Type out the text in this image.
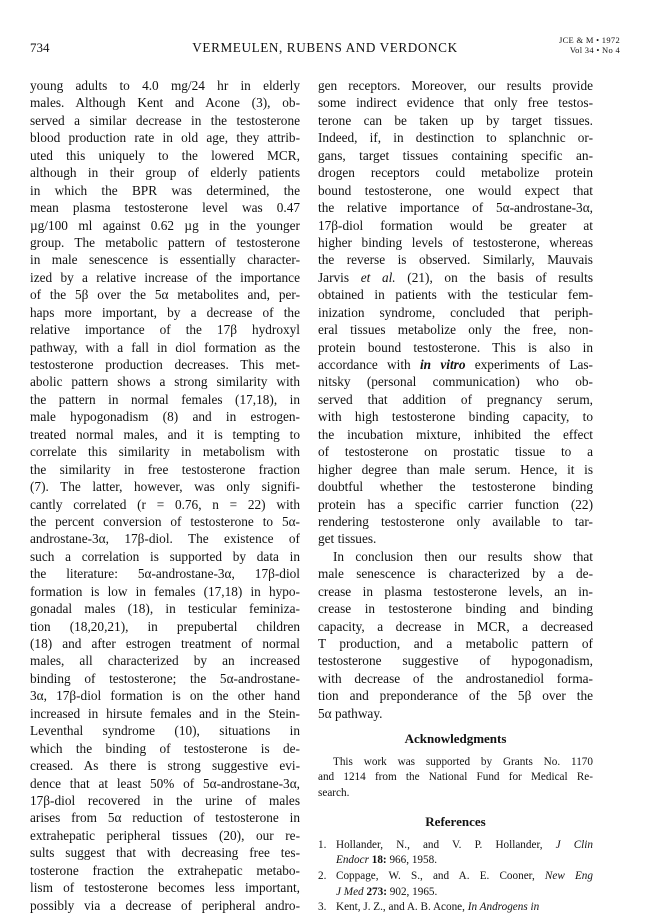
734	VERMEULEN, RUBENS AND VERDONCK	JCE & M • 1972
Vol 34 • No 4
young adults to 4.0 mg/24 hr in elderly
males. Although Kent and Acone (3), ob-
served a similar decrease in the testosterone
blood production rate in old age, they attrib-
uted this uniquely to the lowered MCR,
although in their group of elderly patients
in which the BPR was determined, the
mean plasma testosterone level was 0.47
µg/100 ml against 0.62 µg in the younger
group. The metabolic pattern of testosterone
in male senescence is essentially character-
ized by a relative increase of the importance
of the 5β over the 5α metabolites and, per-
haps more important, by a decrease of the
relative importance of the 17β hydroxyl
pathway, with a fall in diol formation as the
testosterone production decreases. This met-
abolic pattern shows a strong similarity with
the pattern in normal females (17,18), in
male hypogonadism (8) and in estrogen-
treated normal males, and it is tempting to
correlate this similarity in metabolism with
the similarity in free testosterone fraction
(7). The latter, however, was only signifi-
cantly correlated (r = 0.76, n = 22) with
the percent conversion of testosterone to 5α-
androstane-3α, 17β-diol. The existence of
such a correlation is supported by data in
the literature: 5α-androstane-3α, 17β-diol
formation is low in females (17,18) in hypo-
gonadal males (18), in testicular feminiza-
tion (18,20,21), in prepubertal children
(18) and after estrogen treatment of normal
males, all characterized by an increased
binding of testosterone; the 5α-androstane-
3α, 17β-diol formation is on the other hand
increased in hirsute females and in the Stein-
Leventhal syndrome (10), situations in
which the binding of testosterone is de-
creased. As there is strong suggestive evi-
dence that at least 50% of 5α-androstane-3α,
17β-diol recovered in the urine of males
arises from 5α reduction of testosterone in
extrahepatic peripheral tissues (20), our re-
sults suggest that with decreasing free tes-
tosterone fraction the extrahepatic metabo-
lism of testosterone becomes less important,
possibly via a decrease of peripheral andro-
gen receptors. Moreover, our results provide
some indirect evidence that only free testos-
terone can be taken up by target tissues.
Indeed, if, in destinction to splanchnic or-
gans, target tissues containing specific an-
drogen receptors could metabolize protein
bound testosterone, one would expect that
the relative importance of 5α-androstane-3α,
17β-diol formation would be greater at
higher binding levels of testosterone, whereas
the reverse is observed. Similarly, Mauvais
Jarvis et al. (21), on the basis of results
obtained in patients with the testicular fem-
inization syndrome, concluded that periph-
eral tissues metabolize only the free, non-
protein bound testosterone. This is also in
accordance with in vitro experiments of Las-
nitsky (personal communication) who ob-
served that addition of pregnancy serum,
with high testosterone binding capacity, to
the incubation mixture, inhibited the effect
of testosterone on prostatic tissue to a
higher degree than male serum. Hence, it is
doubtful whether the testosterone binding
protein has a specific carrier function (22)
rendering testosterone only available to tar-
get tissues.
In conclusion then our results show that
male senescence is characterized by a de-
crease in plasma testosterone levels, an in-
crease in testosterone binding and binding
capacity, a decrease in MCR, a decreased
T production, and a metabolic pattern of
testosterone suggestive of hypogonadism,
with decrease of the androstanediol forma-
tion and preponderance of the 5β over the
5α pathway.
Acknowledgments
This work was supported by Grants No. 1170
and 1214 from the National Fund for Medical Re-
search.
References
1. Hollander, N., and V. P. Hollander, J Clin
Endocr 18: 966, 1958.
2. Coppage, W. S., and A. E. Cooner, New Eng
J Med 273: 902, 1965.
3. Kent, J. Z., and A. B. Acone, In Androgens in
